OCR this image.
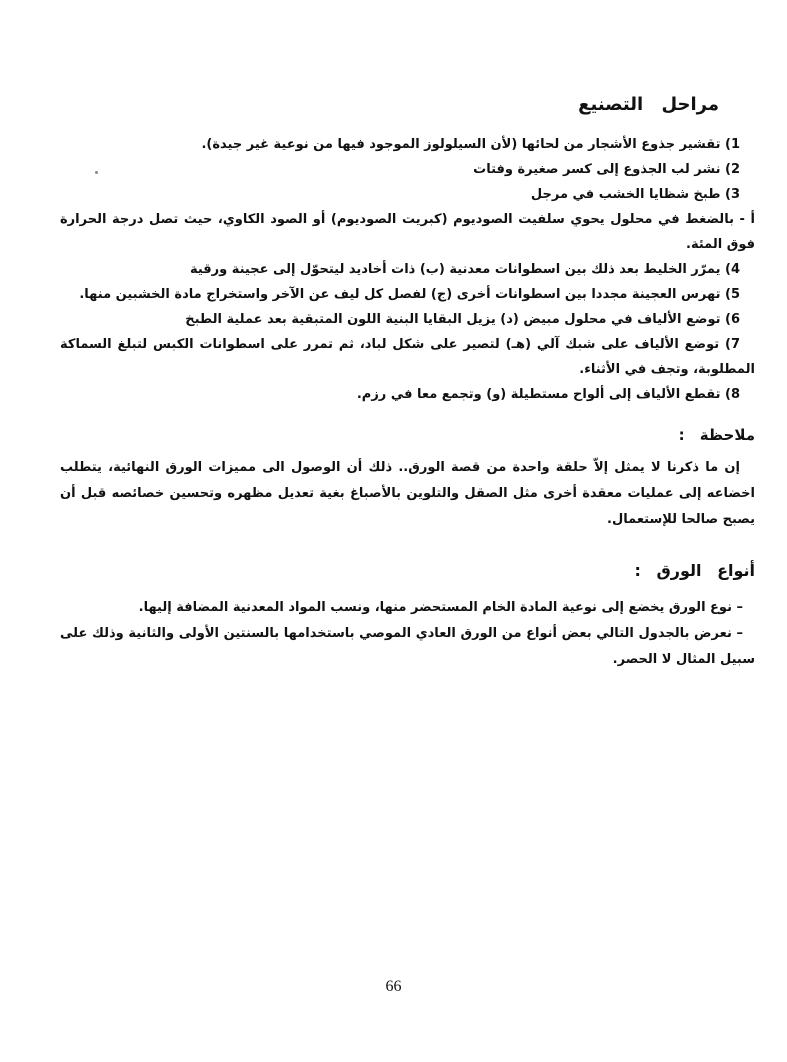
مراحل التصنيع

1) تقشير جذوع الأشجار من لحائها (لأن السيلولوز الموجود فيها من نوعية غير جيدة).

2) نشر لب الجذوع إلى كسر صغيرة وفتات

3) طبخ شظايا الخشب في مرجل

أ - بالضغط في محلول يحوي سلفيت الصوديوم (كبريت الصوديوم) أو الصود الكاوي، حيث تصل درجة الحرارة فوق المئة.

4) يمرّر الخليط بعد ذلك بين اسطوانات معدنية (ب) ذات أخاديد ليتحوّل إلى عجينة ورقية

5) تهرس العجينة مجددا بين اسطوانات أخرى (ج) لفصل كل ليف عن الآخر واستخراج مادة الخشبين منها.

6) توضع الألياف في محلول مبيض (د) يزيل البقايا البنية اللون المتبقية بعد عملية الطبخ

7) توضع الألياف على شبك آلي (هـ) لتصير على شكل لباد، ثم تمرر على اسطوانات الكبس لتبلغ السماكة المطلوبة، وتجف في الأثناء.

8) تقطع الألياف إلى ألواح مستطيلة (و) وتجمع معا في رزم.

ملاحظة :

إن ما ذكرنا لا يمثل إلاّ حلقة واحدة من قصة الورق.. ذلك أن الوصول الى مميزات الورق النهائية، يتطلب اخضاعه إلى عمليات معقدة أخرى مثل الصقل والتلوين بالأصباغ بغية تعديل مظهره وتحسين خصائصه قبل أن يصبح صالحا للإستعمال.

أنواع الورق :

– نوع الورق يخضع إلى نوعية المادة الخام المستحضر منها، ونسب المواد المعدنية المضافة إليها.

– نعرض بالجدول التالي بعض أنواع من الورق العادي الموصي باستخدامها بالسنتين الأولى والثانية وذلك على سبيل المثال لا الحصر.

66
